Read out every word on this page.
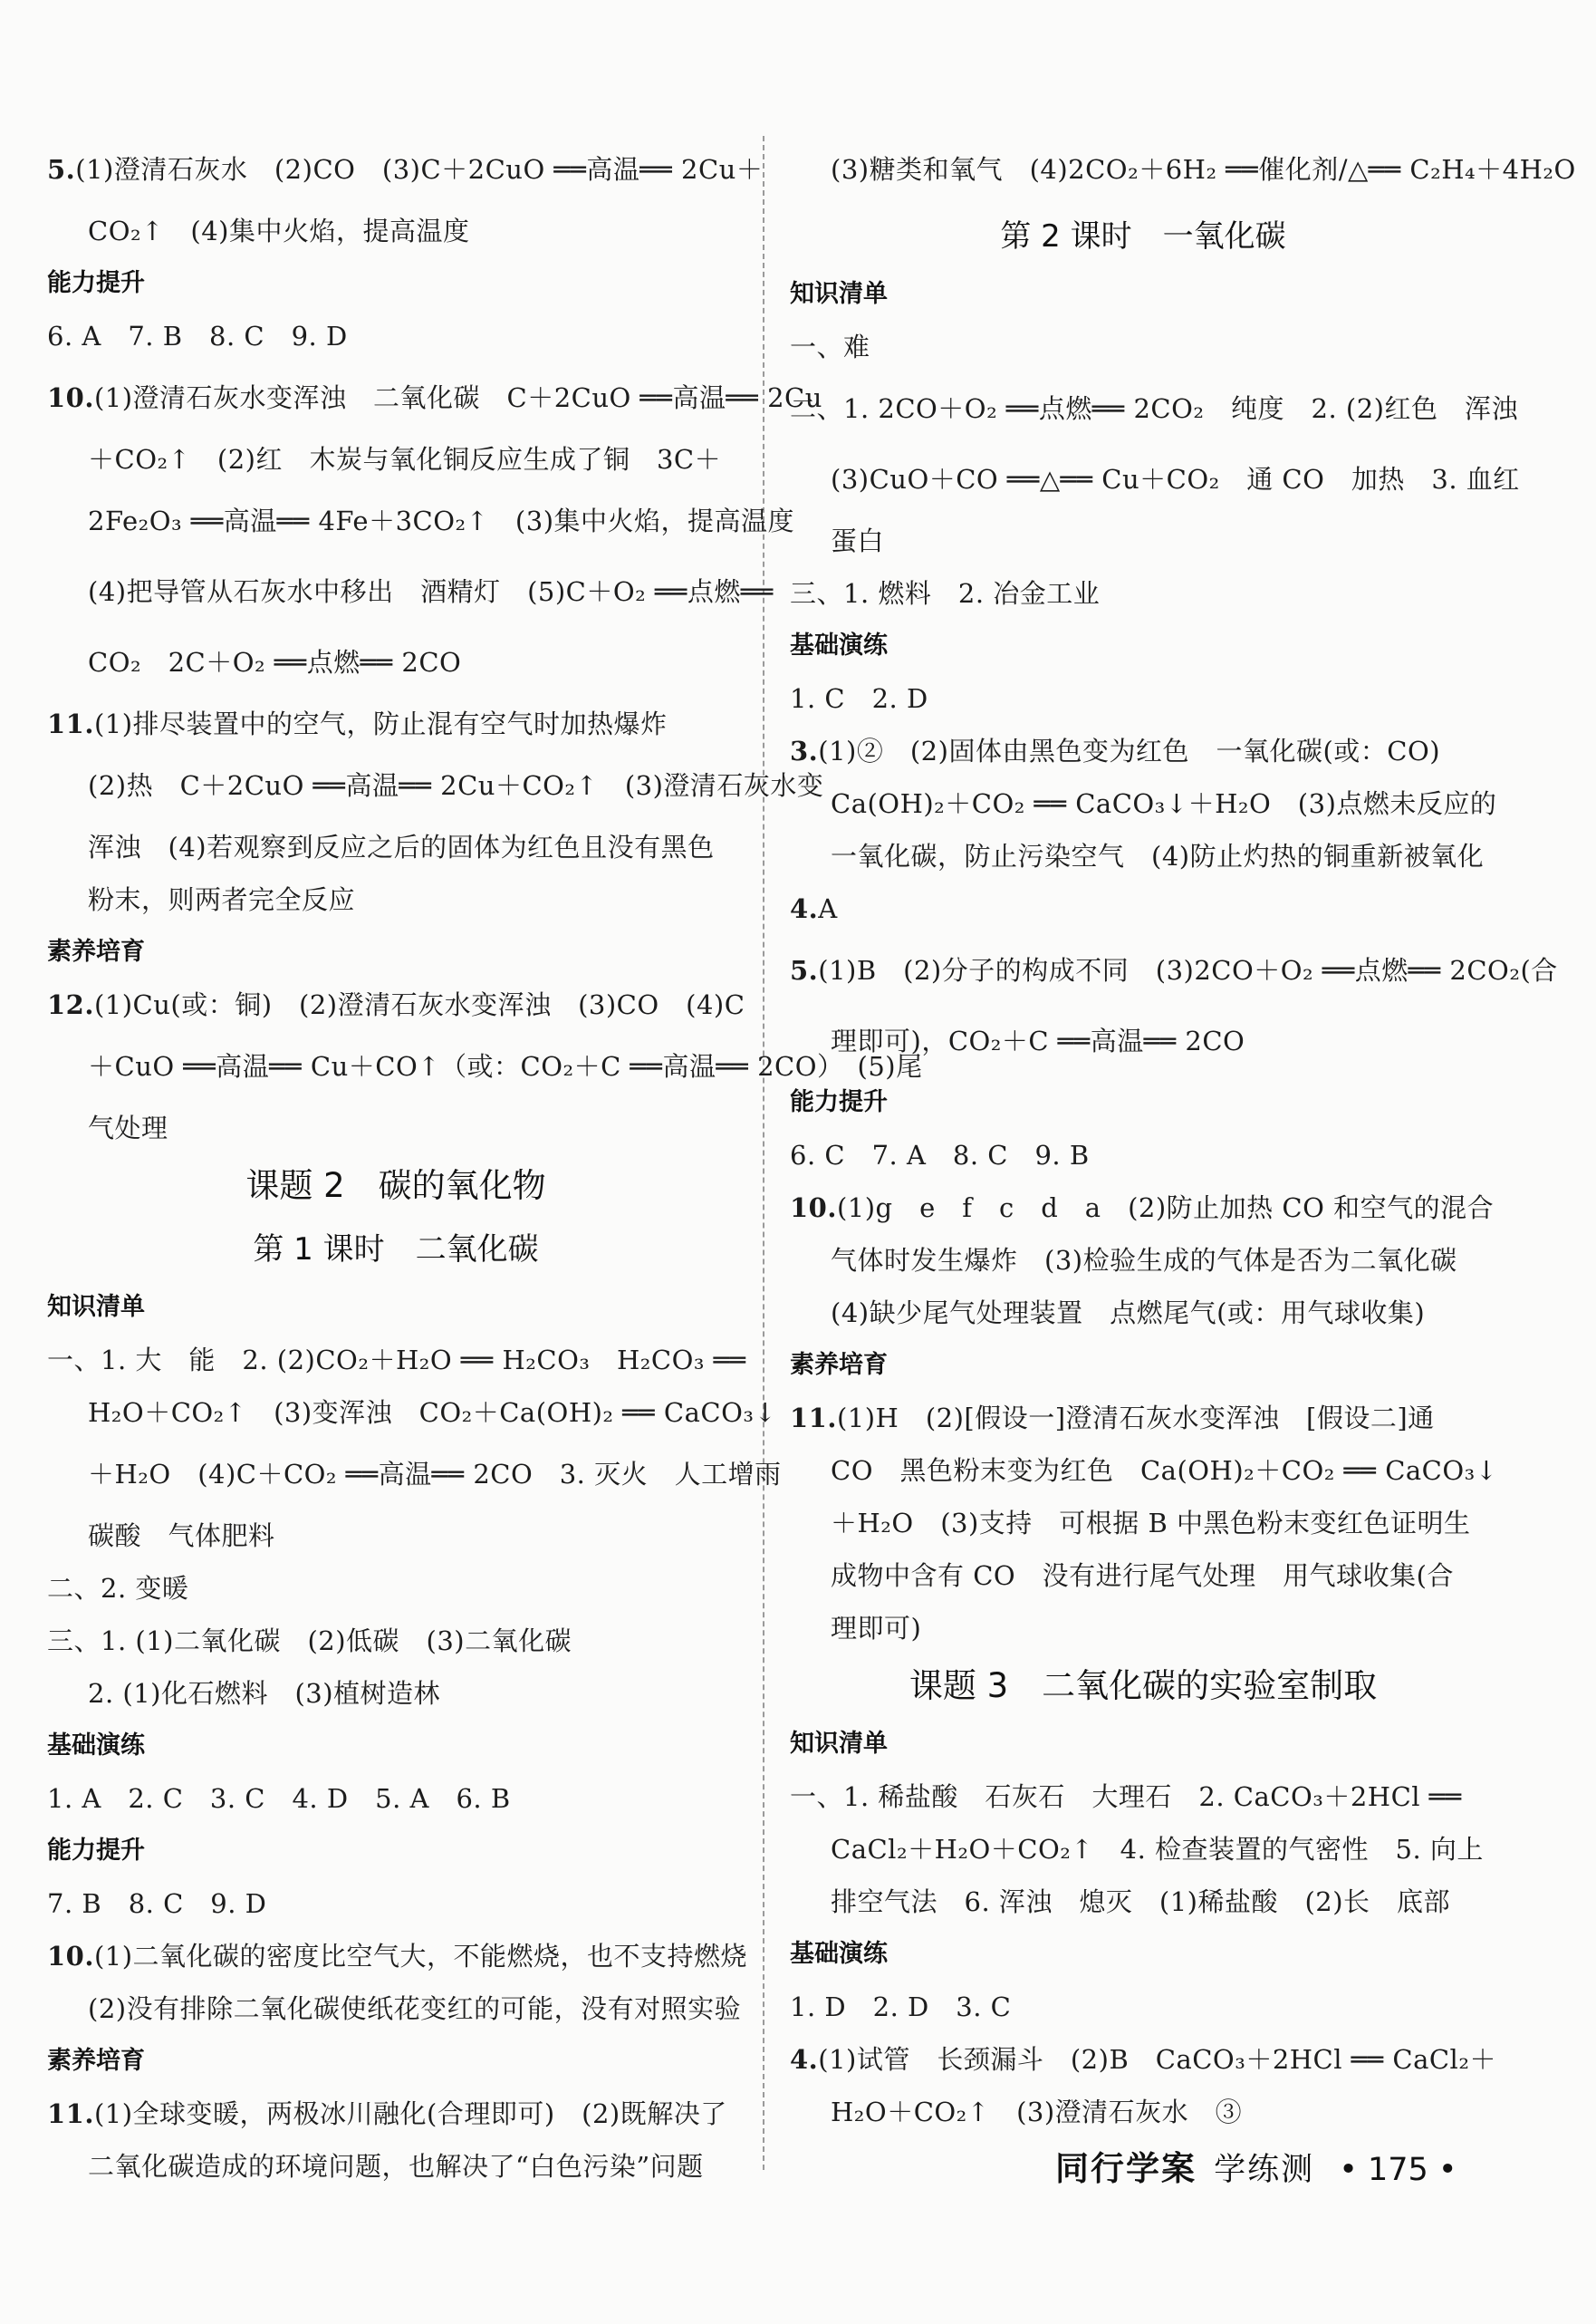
5.(1)澄清石灰水　(2)CO　(3)C＋2CuO ══高温══ 2Cu＋
CO₂↑　(4)集中火焰，提高温度
能力提升
6. A　7. B　8. C　9. D
10.(1)澄清石灰水变浑浊　二氧化碳　C＋2CuO ══高温══ 2Cu
＋CO₂↑　(2)红　木炭与氧化铜反应生成了铜　3C＋
2Fe₂O₃ ══高温══ 4Fe＋3CO₂↑　(3)集中火焰，提高温度
(4)把导管从石灰水中移出　酒精灯　(5)C＋O₂ ══点燃══
CO₂　2C＋O₂ ══点燃══ 2CO
11.(1)排尽装置中的空气，防止混有空气时加热爆炸
(2)热　C＋2CuO ══高温══ 2Cu＋CO₂↑　(3)澄清石灰水变
浑浊　(4)若观察到反应之后的固体为红色且没有黑色
粉末，则两者完全反应
素养培育
12.(1)Cu(或：铜)　(2)澄清石灰水变浑浊　(3)CO　(4)C
＋CuO ══高温══ Cu＋CO↑（或：CO₂＋C ══高温══ 2CO）　(5)尾
气处理
课题 2　碳的氧化物
第 1 课时　二氧化碳
知识清单
一、1. 大　能　2. (2)CO₂＋H₂O ══ H₂CO₃　H₂CO₃ ══
H₂O＋CO₂↑　(3)变浑浊　CO₂＋Ca(OH)₂ ══ CaCO₃↓
＋H₂O　(4)C＋CO₂ ══高温══ 2CO　3. 灭火　人工增雨
碳酸　气体肥料
二、2. 变暖
三、1. (1)二氧化碳　(2)低碳　(3)二氧化碳
2. (1)化石燃料　(3)植树造林
基础演练
1. A　2. C　3. C　4. D　5. A　6. B
能力提升
7. B　8. C　9. D
10.(1)二氧化碳的密度比空气大，不能燃烧，也不支持燃烧
(2)没有排除二氧化碳使纸花变红的可能，没有对照实验
素养培育
11.(1)全球变暖，两极冰川融化(合理即可)　(2)既解决了
二氧化碳造成的环境问题，也解决了“白色污染”问题
(3)糖类和氧气　(4)2CO₂＋6H₂ ══催化剂/△══ C₂H₄＋4H₂O
第 2 课时　一氧化碳
知识清单
一、难
二、1. 2CO＋O₂ ══点燃══ 2CO₂　纯度　2. (2)红色　浑浊
(3)CuO＋CO ══△══ Cu＋CO₂　通 CO　加热　3. 血红
蛋白
三、1. 燃料　2. 冶金工业
基础演练
1. C　2. D
3.(1)②　(2)固体由黑色变为红色　一氧化碳(或：CO)
Ca(OH)₂＋CO₂ ══ CaCO₃↓＋H₂O　(3)点燃未反应的
一氧化碳，防止污染空气　(4)防止灼热的铜重新被氧化
4.A
5.(1)B　(2)分子的构成不同　(3)2CO＋O₂ ══点燃══ 2CO₂(合
理即可)，CO₂＋C ══高温══ 2CO
能力提升
6. C　7. A　8. C　9. B
10.(1)g　e　f　c　d　a　(2)防止加热 CO 和空气的混合
气体时发生爆炸　(3)检验生成的气体是否为二氧化碳
(4)缺少尾气处理装置　点燃尾气(或：用气球收集)
素养培育
11.(1)H　(2)[假设一]澄清石灰水变浑浊　[假设二]通
CO　黑色粉末变为红色　Ca(OH)₂＋CO₂ ══ CaCO₃↓
＋H₂O　(3)支持　可根据 B 中黑色粉末变红色证明生
成物中含有 CO　没有进行尾气处理　用气球收集(合
理即可)
课题 3　二氧化碳的实验室制取
知识清单
一、1. 稀盐酸　石灰石　大理石　2. CaCO₃＋2HCl ══
CaCl₂＋H₂O＋CO₂↑　4. 检查装置的气密性　5. 向上
排空气法　6. 浑浊　熄灭　(1)稀盐酸　(2)长　底部
基础演练
1. D　2. D　3. C
4.(1)试管　长颈漏斗　(2)B　CaCO₃＋2HCl ══ CaCl₂＋
H₂O＋CO₂↑　(3)澄清石灰水　③
同行学案 学练测 • 175 •
